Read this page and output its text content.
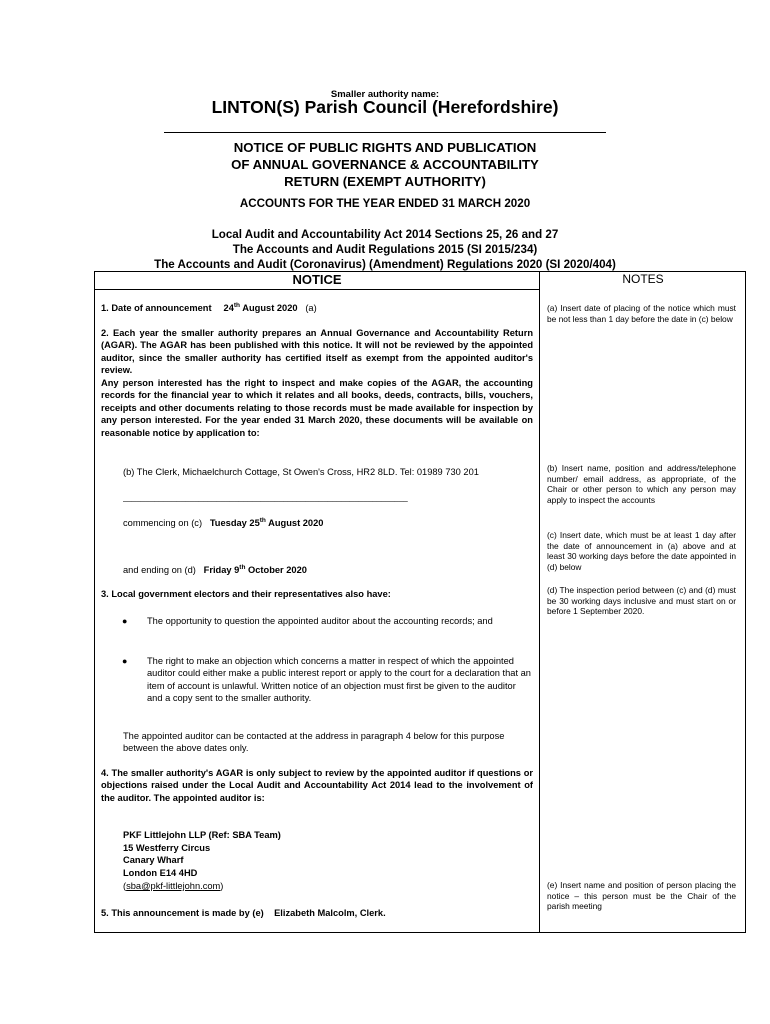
Smaller authority name:
LINTON(S) Parish Council (Herefordshire)
NOTICE OF PUBLIC RIGHTS AND PUBLICATION
OF ANNUAL GOVERNANCE & ACCOUNTABILITY
RETURN (EXEMPT AUTHORITY)
ACCOUNTS FOR THE YEAR ENDED 31 MARCH 2020
Local Audit and Accountability Act 2014 Sections 25, 26 and 27
The Accounts and Audit Regulations 2015 (SI 2015/234)
The Accounts and Audit (Coronavirus) (Amendment) Regulations 2020 (SI 2020/404)
NOTICE	NOTES
1. Date of announcement 24th August 2020 (a)
2. Each year the smaller authority prepares an Annual Governance and Accountability Return (AGAR). The AGAR has been published with this notice. It will not be reviewed by the appointed auditor, since the smaller authority has certified itself as exempt from the appointed auditor's review.
Any person interested has the right to inspect and make copies of the AGAR, the accounting records for the financial year to which it relates and all books, deeds, contracts, bills, vouchers, receipts and other documents relating to those records must be made available for inspection by any person interested. For the year ended 31 March 2020, these documents will be available on reasonable notice by application to:
(b) The Clerk, Michaelchurch Cottage, St Owen's Cross, HR2 8LD. Tel: 01989 730 201
________________________________________________________________
commencing on (c) Tuesday 25th August 2020
and ending on (d) Friday 9th October 2020
3. Local government electors and their representatives also have:
● The opportunity to question the appointed auditor about the accounting records; and
● The right to make an objection which concerns a matter in respect of which the appointed auditor could either make a public interest report or apply to the court for a declaration that an item of account is unlawful. Written notice of an objection must first be given to the auditor and a copy sent to the smaller authority.
The appointed auditor can be contacted at the address in paragraph 4 below for this purpose between the above dates only.
4. The smaller authority's AGAR is only subject to review by the appointed auditor if questions or objections raised under the Local Audit and Accountability Act 2014 lead to the involvement of the auditor. The appointed auditor is:
PKF Littlejohn LLP (Ref: SBA Team)
15 Westferry Circus
Canary Wharf
London E14 4HD
(sba@pkf-littlejohn.com)
5. This announcement is made by (e) Elizabeth Malcolm, Clerk.
(a) Insert date of placing of the notice which must be not less than 1 day before the date in (c) below
(b) Insert name, position and address/telephone number/ email address, as appropriate, of the Chair or other person to which any person may apply to inspect the accounts
(c) Insert date, which must be at least 1 day after the date of announcement in (a) above and at least 30 working days before the date appointed in (d) below
(d) The inspection period between (c) and (d) must be 30 working days inclusive and must start on or before 1 September 2020.
(e) Insert name and position of person placing the notice – this person must be the Chair of the parish meeting
